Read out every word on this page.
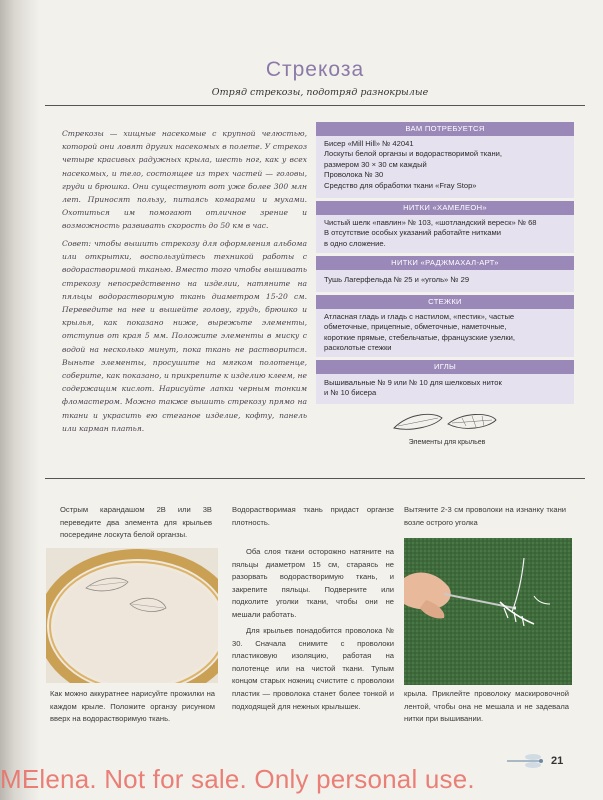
Стрекоза
Отряд стрекозы, подотряд разнокрылые
Стрекозы — хищные насекомые с крупной челюстью, которой они ловят других насекомых в полете. У стрекоз четыре красивых радужных крыла, шесть ног, как у всех насекомых, и тело, состоящее из трех частей — головы, груди и брюшка. Они существуют вот уже более 300 млн лет. Приносят пользу, питаясь комарами и мухами. Охотиться им помогают отличное зрение и возможность развивать скорость до 50 км в час.
Совет: чтобы вышить стрекозу для оформления альбома или открытки, воспользуйтесь техникой работы с водорастворимой тканью. Вместо того чтобы вышивать стрекозу непосредственно на изделии, натяните на пяльцы водорастворимую ткань диаметром 15-20 см. Переведите на нее и вышейте голову, грудь, брюшко и крылья, как показано ниже, вырежьте элементы, отступив от края 5 мм. Положите элементы в миску с водой на несколько минут, пока ткань не растворится. Выньте элементы, просушите на мягком полотенце, соберите, как показано, и прикрепите к изделию клеем, не содержащим кислот. Нарисуйте лапки черным тонким фломастером. Можно также вышить стрекозу прямо на ткани и украсить ею стеганое изделие, кофту, панель или карман платья.
ВАМ ПОТРЕБУЕТСЯ
Бисер «Mill Hill» № 42041
Лоскуты белой органзы и водорастворимой ткани,
размером 30 × 30 см каждый
Проволока № 30
Средство для обработки ткани «Fray Stop»
НИТКИ «ХАМЕЛЕОН»
Чистый шелк «павлин» № 103, «шотландский вереск» № 68
В отсутствие особых указаний работайте нитками
в одно сложение.
НИТКИ «РАДЖМАХАЛ-АРТ»
Тушь Лагерфельда № 25 и «уголь» № 29
СТЕЖКИ
Атласная гладь и гладь с настилом, «пестик», частые
обметочные, прицепные, обметочные, наметочные,
короткие прямые, стебельчатые, французские узелки,
расколотые стежки
ИГЛЫ
Вышивальные № 9 или № 10 для шелковых ниток
и № 10 бисера
Элементы для крыльев
Острым карандашом 2В или 3В переведите два элемента для крыльев посередине лоскута белой органзы.
Как можно аккуратнее нарисуйте прожилки на каждом крыле. Положите органзу рисунком вверх на водорастворимую ткань.
Водорастворимая ткань придаст органзе плотность.
Оба слоя ткани осторожно натяните на пяльцы диаметром 15 см, стараясь не разорвать водорастворимую ткань, и закрепите пяльцы. Подверните или подколите уголки ткани, чтобы они не мешали работать.
Для крыльев понадобится проволока № 30. Сначала снимите с проволоки пластиковую изоляцию, работая на полотенце или на чистой ткани. Тупым концом старых ножниц счистите с проволоки пластик — проволока станет более тонкой и подходящей для нежных крылышек.
Вытяните 2-3 см проволоки на изнанку ткани возле острого уголка
крыла. Приклейте проволоку маскировочной лентой, чтобы она не мешала и не задевала нитки при вышивании.
21
MElena. Not for sale. Only personal use.
